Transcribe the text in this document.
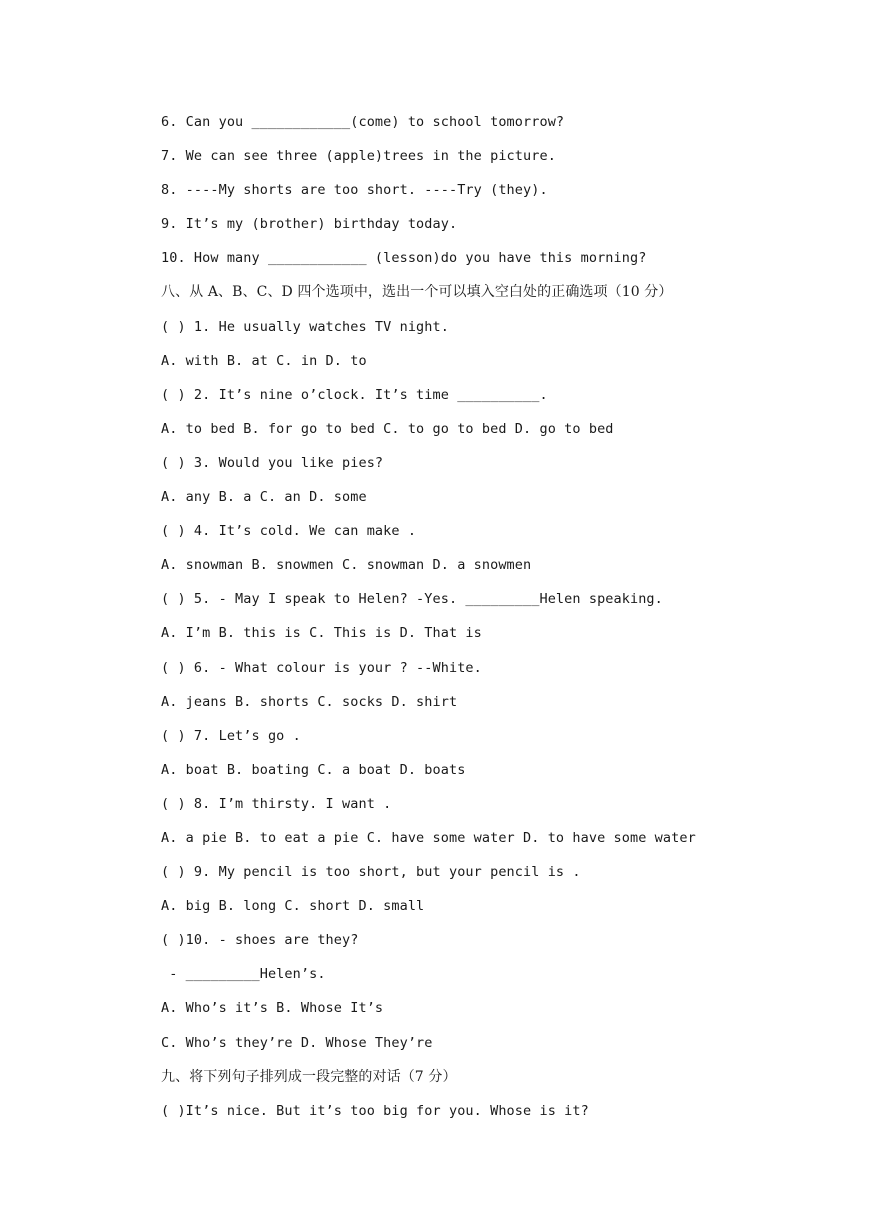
6. Can you ____________(come) to school tomorrow?
7. We can see three (apple)trees in the picture.
8. ----My shorts are too short. ----Try (they).
9. It’s my (brother) birthday today.
10. How many ____________ (lesson)do you have this morning?
八、从 A、B、C、D 四个选项中，选出一个可以填入空白处的正确选项（10 分）
( ) 1. He usually watches TV night.
A. with B. at C. in D. to
( ) 2. It’s nine o’clock. It’s time __________.
A. to bed B. for go to bed C. to go to bed D. go to bed
( ) 3. Would you like pies?
A. any B. a C. an D. some
( ) 4. It’s cold. We can make .
A. snowman B. snowmen C. snowman D. a snowmen
( ) 5. - May I speak to Helen? -Yes. _________Helen speaking.
A. I’m B. this is C. This is D. That is
( ) 6. - What colour is your ? --White.
A. jeans B. shorts C. socks D. shirt
( ) 7. Let’s go .
A. boat B. boating C. a boat D. boats
( ) 8. I’m thirsty. I want .
A. a pie B. to eat a pie C. have some water D. to have some water
( ) 9. My pencil is too short, but your pencil is .
A. big B. long C. short D. small
( )10. - shoes are they?
- _________Helen’s.
A. Who’s it’s B. Whose It’s
C. Who’s they’re D. Whose They’re
九、将下列句子排列成一段完整的对话（7 分）
( )It’s nice. But it’s too big for you. Whose is it?
